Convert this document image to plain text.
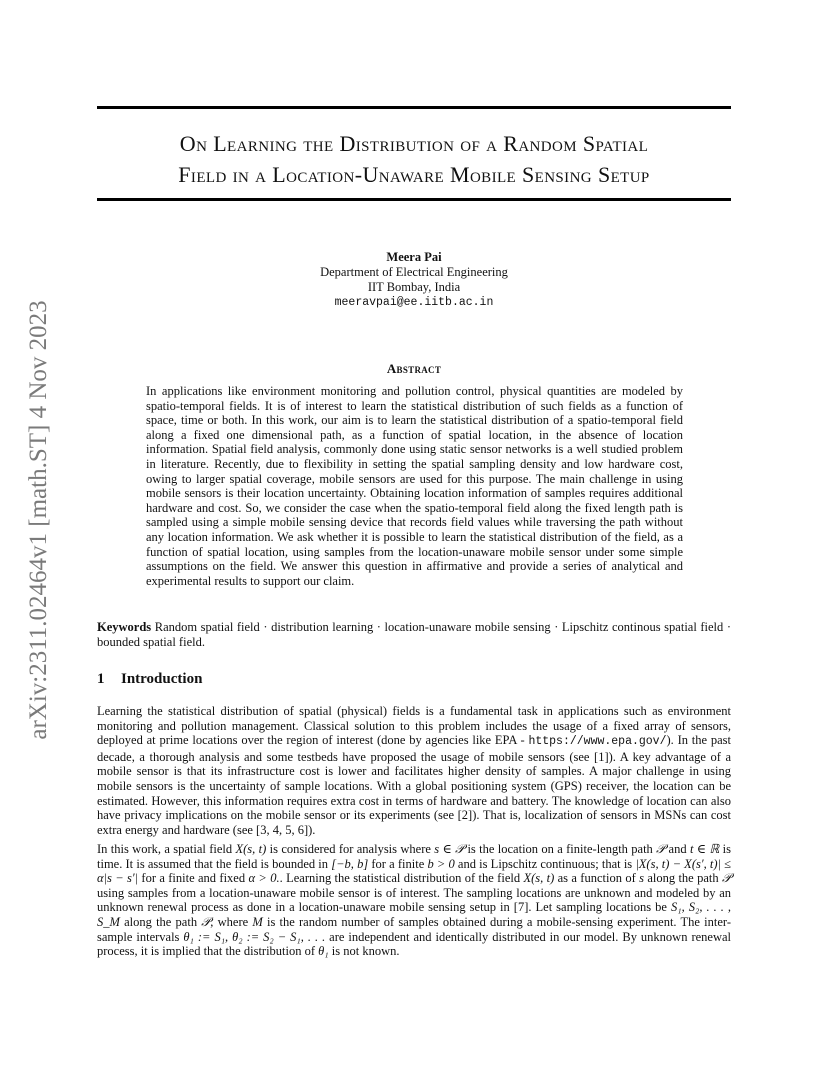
arXiv:2311.02464v1 [math.ST] 4 Nov 2023
On Learning the Distribution of a Random Spatial
Field in a Location-Unaware Mobile Sensing Setup
Meera Pai
Department of Electrical Engineering
IIT Bombay, India
meeravpai@ee.iitb.ac.in
Abstract
In applications like environment monitoring and pollution control, physical quantities are modeled by spatio-temporal fields. It is of interest to learn the statistical distribution of such fields as a function of space, time or both. In this work, our aim is to learn the statistical distribution of a spatio-temporal field along a fixed one dimensional path, as a function of spatial location, in the absence of location information. Spatial field analysis, commonly done using static sensor networks is a well studied problem in literature. Recently, due to flexibility in setting the spatial sampling density and low hardware cost, owing to larger spatial coverage, mobile sensors are used for this purpose. The main challenge in using mobile sensors is their location uncertainty. Obtaining location information of samples requires additional hardware and cost. So, we consider the case when the spatio-temporal field along the fixed length path is sampled using a simple mobile sensing device that records field values while traversing the path without any location information. We ask whether it is possible to learn the statistical distribution of the field, as a function of spatial location, using samples from the location-unaware mobile sensor under some simple assumptions on the field. We answer this question in affirmative and provide a series of analytical and experimental results to support our claim.
Keywords Random spatial field · distribution learning · location-unaware mobile sensing · Lipschitz continous spatial field · bounded spatial field.
1 Introduction
Learning the statistical distribution of spatial (physical) fields is a fundamental task in applications such as environment monitoring and pollution management. Classical solution to this problem includes the usage of a fixed array of sensors, deployed at prime locations over the region of interest (done by agencies like EPA - https://www.epa.gov/). In the past decade, a thorough analysis and some testbeds have proposed the usage of mobile sensors (see [1]). A key advantage of a mobile sensor is that its infrastructure cost is lower and facilitates higher density of samples. A major challenge in using mobile sensors is the uncertainty of sample locations. With a global positioning system (GPS) receiver, the location can be estimated. However, this information requires extra cost in terms of hardware and battery. The knowledge of location can also have privacy implications on the mobile sensor or its experiments (see [2]). That is, localization of sensors in MSNs can cost extra energy and hardware (see [3, 4, 5, 6]).
In this work, a spatial field X(s, t) is considered for analysis where s ∈ 𝒫 is the location on a finite-length path 𝒫 and t ∈ ℝ is time. It is assumed that the field is bounded in [−b, b] for a finite b > 0 and is Lipschitz continuous; that is |X(s, t) − X(s′, t)| ≤ α|s − s′| for a finite and fixed α > 0.. Learning the statistical distribution of the field X(s, t) as a function of s along the path 𝒫 using samples from a location-unaware mobile sensor is of interest. The sampling locations are unknown and modeled by an unknown renewal process as done in a location-unaware mobile sensing setup in [7]. Let sampling locations be S₁, S₂, . . . , S_M along the path 𝒫, where M is the random number of samples obtained during a mobile-sensing experiment. The inter-sample intervals θ₁ := S₁, θ₂ := S₂ − S₁, . . . are independent and identically distributed in our model. By unknown renewal process, it is implied that the distribution of θ₁ is not known.
